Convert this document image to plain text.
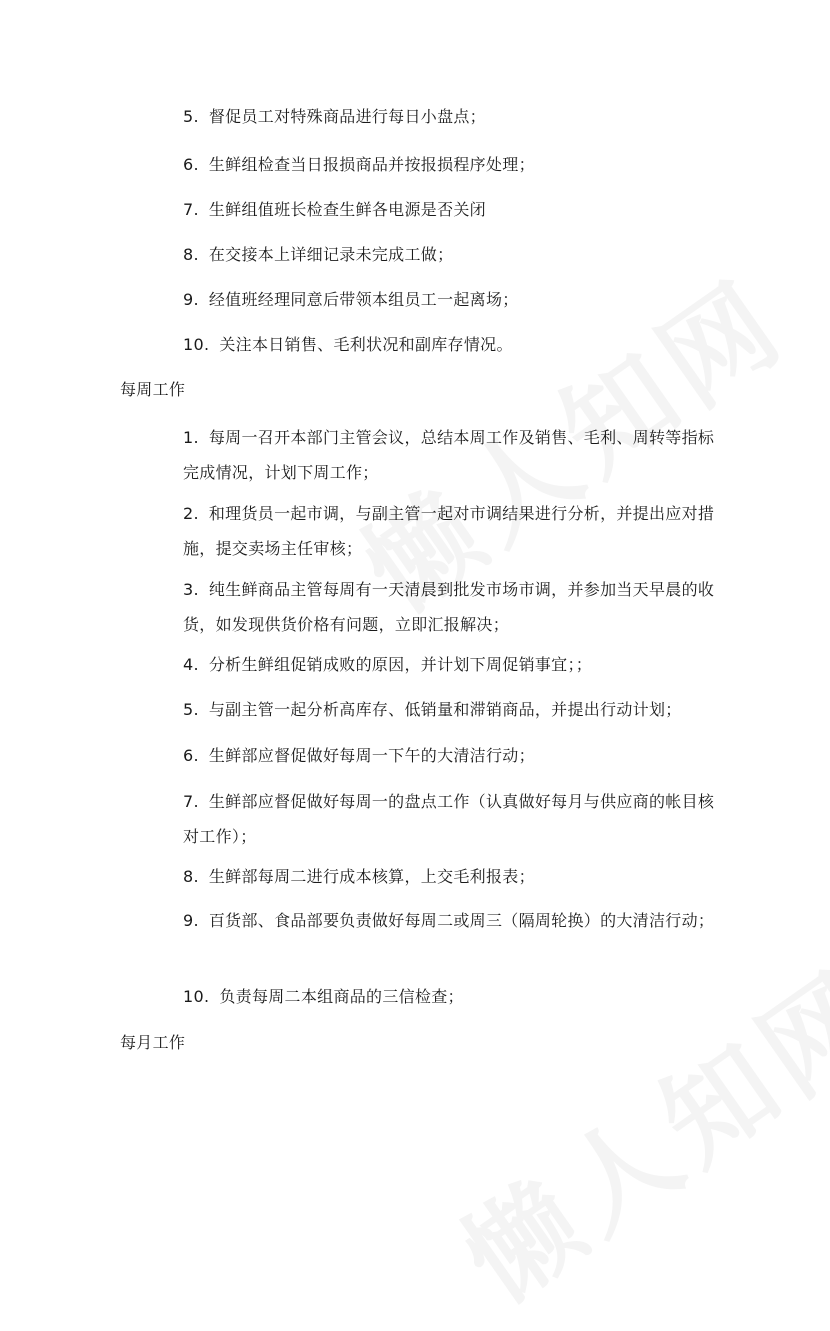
5. 督促员工对特殊商品进行每日小盘点；
6. 生鲜组检查当日报损商品并按报损程序处理；
7. 生鲜组值班长检查生鲜各电源是否关闭
8. 在交接本上详细记录未完成工做；
9. 经值班经理同意后带领本组员工一起离场；
10. 关注本日销售、毛利状况和副库存情况。
每周工作
1. 每周一召开本部门主管会议，总结本周工作及销售、毛利、周转等指标完成情况，计划下周工作；
2. 和理货员一起市调，与副主管一起对市调结果进行分析，并提出应对措施，提交卖场主任审核；
3. 纯生鲜商品主管每周有一天清晨到批发市场市调，并参加当天早晨的收货，如发现供货价格有问题，立即汇报解决；
4. 分析生鲜组促销成败的原因，并计划下周促销事宜；；
5. 与副主管一起分析高库存、低销量和滞销商品，并提出行动计划；
6. 生鲜部应督促做好每周一下午的大清洁行动；
7. 生鲜部应督促做好每周一的盘点工作（认真做好每月与供应商的帐目核对工作）；
8. 生鲜部每周二进行成本核算，上交毛利报表；
9. 百货部、食品部要负责做好每周二或周三（隔周轮换）的大清洁行动；
10. 负责每周二本组商品的三信检查；
每月工作
